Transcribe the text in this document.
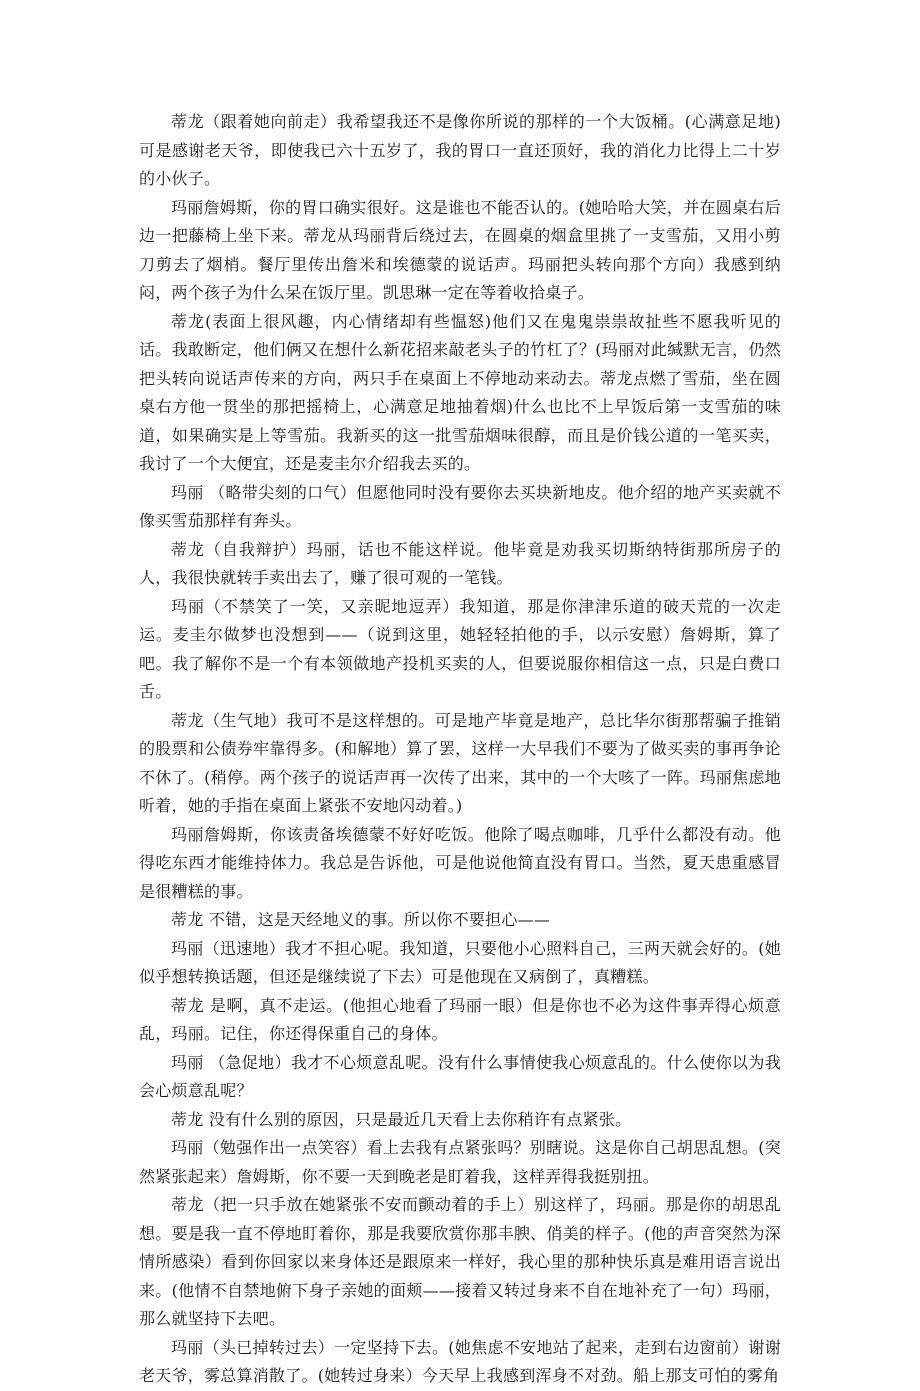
蒂龙（跟着她向前走）我希望我还不是像你所说的那样的一个大饭桶。(心满意足地)可是感谢老天爷，即使我已六十五岁了，我的胃口一直还顶好，我的消化力比得上二十岁的小伙子。

玛丽詹姆斯，你的胃口确实很好。这是谁也不能否认的。(她哈哈大笑，并在圆桌右后边一把藤椅上坐下来。蒂龙从玛丽背后绕过去，在圆桌的烟盒里挑了一支雪茄，又用小剪刀剪去了烟梢。餐厅里传出詹米和埃德蒙的说话声。玛丽把头转向那个方向）我感到纳闷，两个孩子为什么呆在饭厅里。凯思琳一定在等着收拾桌子。

蒂龙(表面上很风趣，内心情绪却有些愠怒)他们又在鬼鬼祟祟故扯些不愿我听见的话。我敢断定，他们俩又在想什么新花招来敲老头子的竹杠了？(玛丽对此缄默无言，仍然把头转向说话声传来的方向，两只手在桌面上不停地动来动去。蒂龙点燃了雪茄，坐在圆桌右方他一贯坐的那把摇椅上，心满意足地抽着烟)什么也比不上早饭后第一支雪茄的味道，如果确实是上等雪茄。我新买的这一批雪茄烟味很醇，而且是价钱公道的一笔买卖，我讨了一个大便宜，还是麦圭尔介绍我去买的。

玛丽 （略带尖刻的口气）但愿他同时没有要你去买块新地皮。他介绍的地产买卖就不像买雪茄那样有奔头。

蒂龙（自我辩护）玛丽，话也不能这样说。他毕竟是劝我买切斯纳特街那所房子的人，我很快就转手卖出去了，赚了很可观的一笔钱。

玛丽（不禁笑了一笑，又亲昵地逗弄）我知道，那是你津津乐道的破天荒的一次走运。麦圭尔做梦也没想到——（说到这里，她轻轻拍他的手，以示安慰）詹姆斯，算了吧。我了解你不是一个有本领做地产投机买卖的人，但要说服你相信这一点，只是白费口舌。

蒂龙（生气地）我可不是这样想的。可是地产毕竟是地产，总比华尔街那帮骗子推销的股票和公债券牢靠得多。(和解地）算了罢，这样一大早我们不要为了做买卖的事再争论不休了。(稍停。两个孩子的说话声再一次传了出来，其中的一个大咳了一阵。玛丽焦虑地听着，她的手指在桌面上紧张不安地闪动着。)

玛丽詹姆斯，你该责备埃德蒙不好好吃饭。他除了喝点咖啡，几乎什么都没有动。他得吃东西才能维持体力。我总是告诉他，可是他说他简直没有胃口。当然，夏天患重感冒是很糟糕的事。

蒂龙 不错，这是天经地义的事。所以你不要担心——

玛丽（迅速地）我才不担心呢。我知道，只要他小心照料自己，三两天就会好的。(她似乎想转换话题，但还是继续说了下去）可是他现在又病倒了，真糟糕。

蒂龙 是啊，真不走运。(他担心地看了玛丽一眼）但是你也不必为这件事弄得心烦意乱，玛丽。记住，你还得保重自己的身体。

玛丽 （急促地）我才不心烦意乱呢。没有什么事情使我心烦意乱的。什么使你以为我会心烦意乱呢？

蒂龙 没有什么别的原因，只是最近几天看上去你稍许有点紧张。

玛丽（勉强作出一点笑容）看上去我有点紧张吗？别瞎说。这是你自己胡思乱想。(突然紧张起来）詹姆斯，你不要一天到晚老是盯着我，这样弄得我挺别扭。

蒂龙（把一只手放在她紧张不安而颤动着的手上）别这样了，玛丽。那是你的胡思乱想。要是我一直不停地盯着你，那是我要欣赏你那丰腴、俏美的样子。(他的声音突然为深情所感染）看到你回家以来身体还是跟原来一样好，我心里的那种快乐真是难用语言说出来。(他情不自禁地俯下身子亲她的面颊——接着又转过身来不自在地补充了一句）玛丽，那么就坚持下去吧。

玛丽（头已掉转过去）一定坚持下去。(她焦虑不安地站了起来，走到右边窗前）谢谢老天爷，雾总算消散了。(她转过身来）今天早上我感到浑身不对劲。船上那支可怕的雾角
